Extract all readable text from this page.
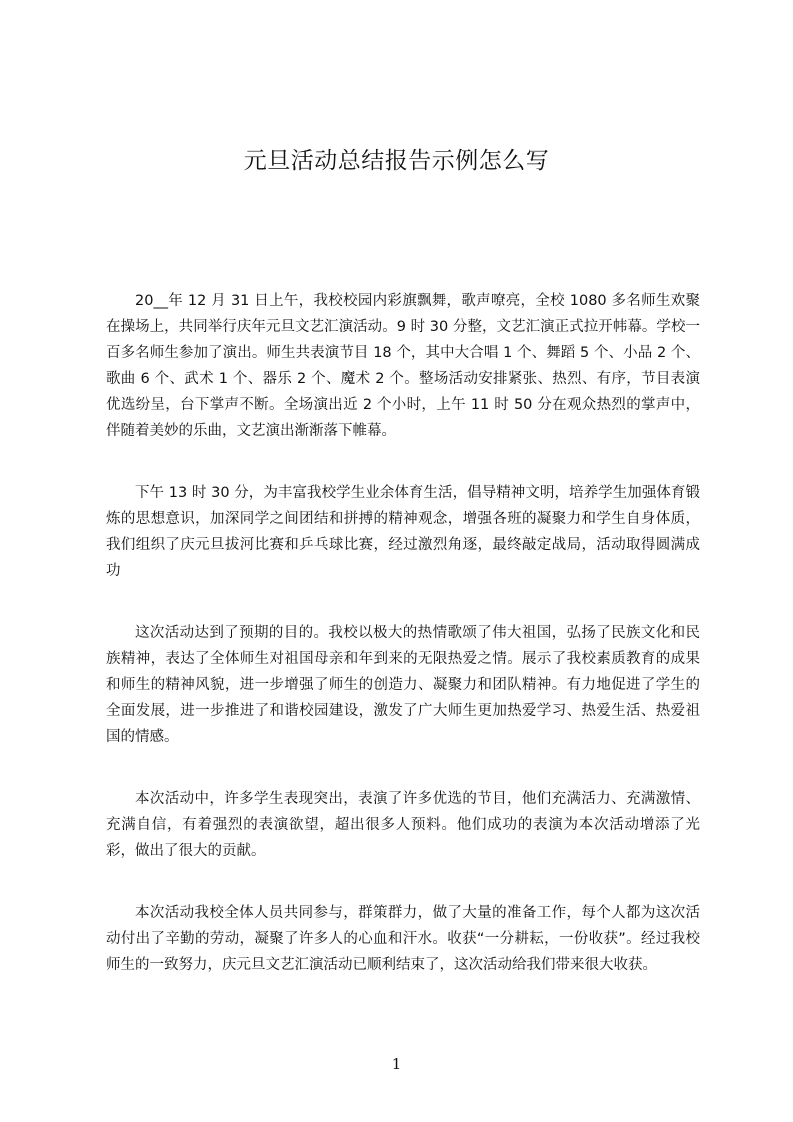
元旦活动总结报告示例怎么写

20__年 12 月 31 日上午，我校校园内彩旗飘舞，歌声嘹亮，全校 1080 多名师生欢聚在操场上，共同举行庆年元旦文艺汇演活动。9 时 30 分整，文艺汇演正式拉开帏幕。学校一百多名师生参加了演出。师生共表演节目 18 个，其中大合唱 1 个、舞蹈 5 个、小品 2 个、歌曲 6 个、武术 1 个、器乐 2 个、魔术 2 个。整场活动安排紧张、热烈、有序，节目表演优选纷呈，台下掌声不断。全场演出近 2 个小时，上午 11 时 50 分在观众热烈的掌声中，伴随着美妙的乐曲，文艺演出渐渐落下帷幕。

下午 13 时 30 分，为丰富我校学生业余体育生活，倡导精神文明，培养学生加强体育锻炼的思想意识，加深同学之间团结和拼搏的精神观念，增强各班的凝聚力和学生自身体质，我们组织了庆元旦拔河比赛和乒乓球比赛，经过激烈角逐，最终敲定战局，活动取得圆满成功

这次活动达到了预期的目的。我校以极大的热情歌颂了伟大祖国，弘扬了民族文化和民族精神，表达了全体师生对祖国母亲和年到来的无限热爱之情。展示了我校素质教育的成果和师生的精神风貌，进一步增强了师生的创造力、凝聚力和团队精神。有力地促进了学生的全面发展，进一步推进了和谐校园建设，激发了广大师生更加热爱学习、热爱生活、热爱祖国的情感。

本次活动中，许多学生表现突出，表演了许多优选的节目，他们充满活力、充满激情、充满自信，有着强烈的表演欲望，超出很多人预料。他们成功的表演为本次活动增添了光彩，做出了很大的贡献。

本次活动我校全体人员共同参与，群策群力，做了大量的准备工作，每个人都为这次活动付出了辛勤的劳动，凝聚了许多人的心血和汗水。收获“一分耕耘，一份收获”。经过我校师生的一致努力，庆元旦文艺汇演活动已顺利结束了，这次活动给我们带来很大收获。

1
